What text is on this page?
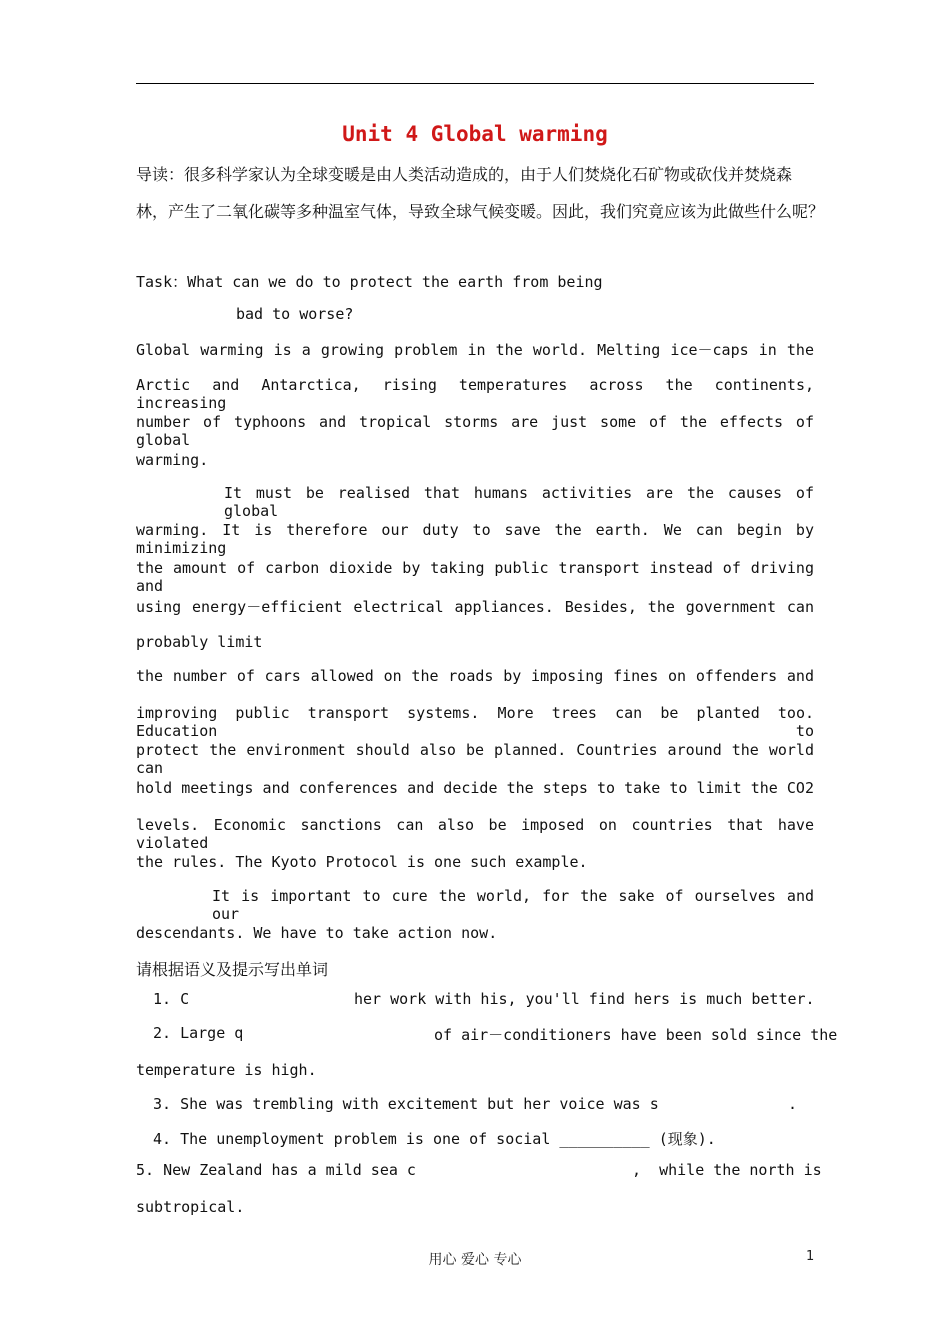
Unit 4 Global warming
导读：很多科学家认为全球变暖是由人类活动造成的，由于人们焚烧化石矿物或砍伐并焚烧森
林，产生了二氧化碳等多种温室气体，导致全球气候变暖。因此，我们究竟应该为此做些什么呢？
Task：What can we do to protect the earth from being
bad to worse?
Global warming is a growing problem in the world. Melting ice－caps in the
Arctic and Antarctica, rising temperatures across the continents, increasing
number of typhoons and tropical storms are just some of the effects of global
warming.
It must be realised that humans activities are the causes of global
warming. It is therefore our duty to save the earth. We can begin by minimizing
the amount of carbon dioxide by taking public transport instead of driving and
using energy－efficient electrical appliances. Besides, the government can
probably limit
the number of cars allowed on the roads by imposing fines on offenders and
improving public transport systems. More trees can be planted too. Education to
protect the environment should also be planned. Countries around the world can
hold meetings and conferences and decide the steps to take to limit the CO2
levels. Economic sanctions can also be imposed on countries that have violated
the rules. The Kyoto Protocol is one such example.
It is important to cure the world, for the sake of ourselves and our
descendants. We have to take action now.
请根据语义及提示写出单词
1. C	her work with his, you'll find hers is much better.
2. Large q	of air－conditioners have been sold since the
temperature is high.
3. She was trembling with excitement but her voice was s	.
4. The unemployment problem is one of social __________ (现象).
5. New Zealand has a mild sea c	,  while the north is
subtropical.
用心 爱心 专心	1
